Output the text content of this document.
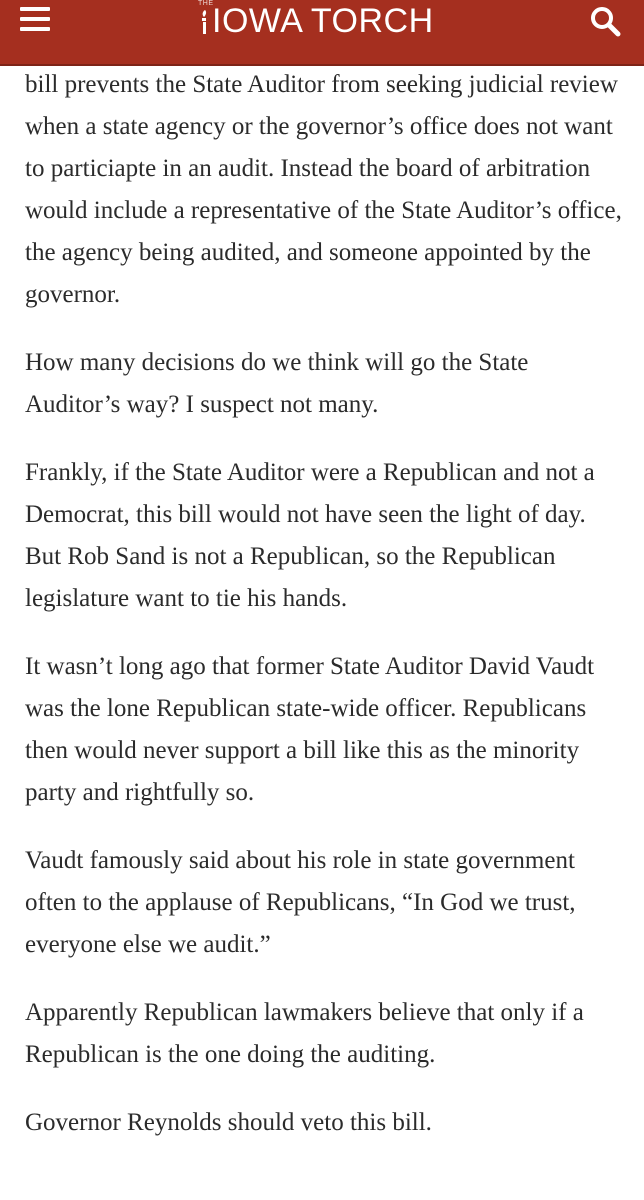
THE
IOWA TORCH

bill prevents the State Auditor from seeking judicial review when a state agency or the governor’s office does not want to particiapte in an audit. Instead the board of arbitration would include a representative of the State Auditor’s office, the agency being audited, and someone appointed by the governor.

How many decisions do we think will go the State Auditor’s way? I suspect not many.

Frankly, if the State Auditor were a Republican and not a Democrat, this bill would not have seen the light of day. But Rob Sand is not a Republican, so the Republican legislature want to tie his hands.

It wasn’t long ago that former State Auditor David Vaudt was the lone Republican state-wide officer. Republicans then would never support a bill like this as the minority party and rightfully so.

Vaudt famously said about his role in state government often to the applause of Republicans, “In God we trust, everyone else we audit.”

Apparently Republican lawmakers believe that only if a Republican is the one doing the auditing.

Governor Reynolds should veto this bill.
